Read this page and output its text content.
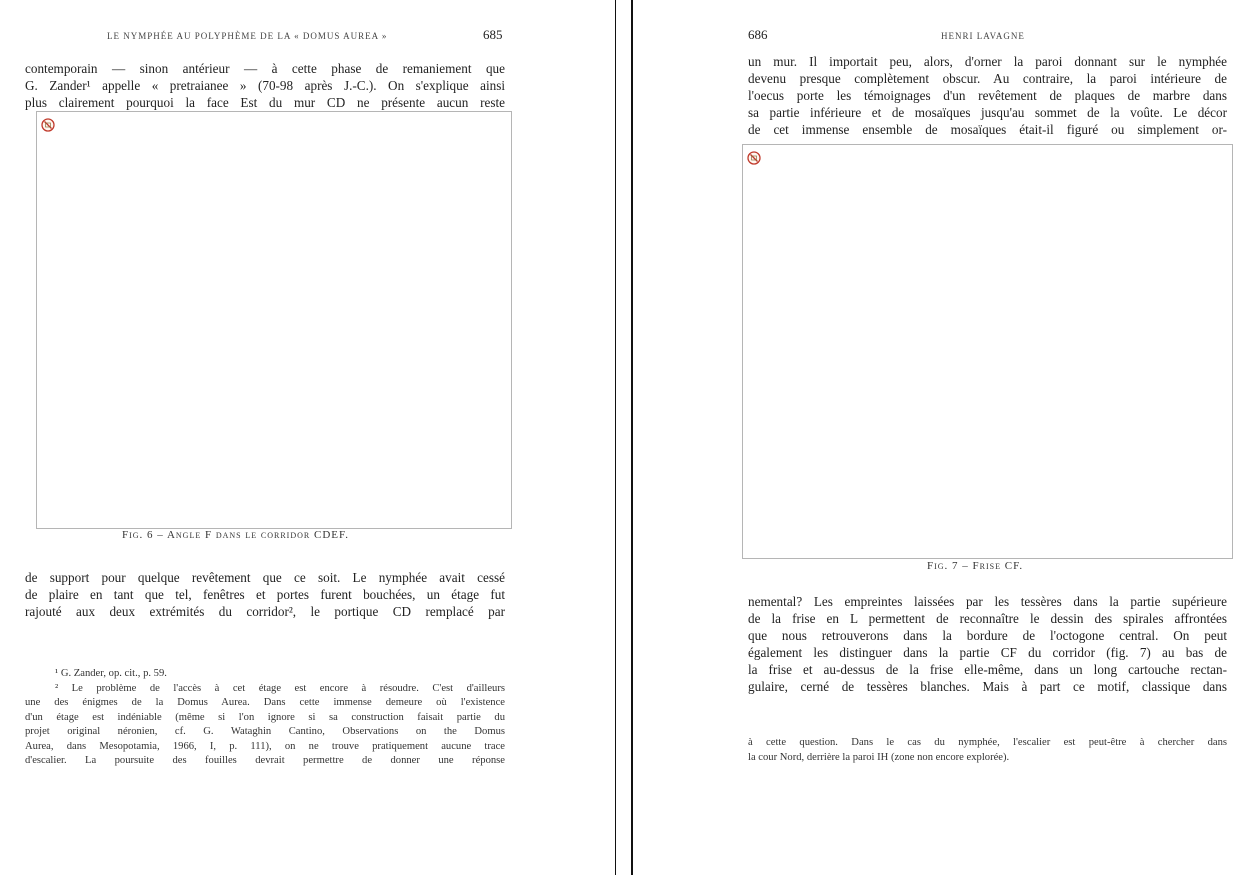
LE NYMPHÉE AU POLYPHÈME DE LA « DOMUS AUREA »	685
contemporain — sinon antérieur — à cette phase de remaniement que
G. Zander¹ appelle « pretraianee » (70-98 après J.-C.). On s'explique ainsi
plus clairement pourquoi la face Est du mur CD ne présente aucun reste
Fig. 6 – Angle F dans le corridor CDEF.
de support pour quelque revêtement que ce soit. Le nymphée avait cessé
de plaire en tant que tel, fenêtres et portes furent bouchées, un étage fut
rajouté aux deux extrémités du corridor², le portique CD remplacé par
¹ G. Zander, op. cit., p. 59.
² Le problème de l'accès à cet étage est encore à résoudre. C'est d'ailleurs
une des énigmes de la Domus Aurea. Dans cette immense demeure où l'existence
d'un étage est indéniable (même si l'on ignore si sa construction faisait partie du
projet original néronien, cf. G. Wataghin Cantino, Observations on the Domus
Aurea, dans Mesopotamia, 1966, I, p. 111), on ne trouve pratiquement aucune trace
d'escalier. La poursuite des fouilles devrait permettre de donner une réponse
686	HENRI LAVAGNE
un mur. Il importait peu, alors, d'orner la paroi donnant sur le nymphée
devenu presque complètement obscur. Au contraire, la paroi intérieure de
l'oecus porte les témoignages d'un revêtement de plaques de marbre dans
sa partie inférieure et de mosaïques jusqu'au sommet de la voûte. Le décor
de cet immense ensemble de mosaïques était-il figuré ou simplement or-
Fig. 7 – Frise CF.
nemental? Les empreintes laissées par les tessères dans la partie supérieure
de la frise en L permettent de reconnaître le dessin des spirales affrontées
que nous retrouverons dans la bordure de l'octogone central. On peut
également les distinguer dans la partie CF du corridor (fig. 7) au bas de
la frise et au-dessus de la frise elle-même, dans un long cartouche rectan-
gulaire, cerné de tessères blanches. Mais à part ce motif, classique dans
à cette question. Dans le cas du nymphée, l'escalier est peut-être à chercher dans
la cour Nord, derrière la paroi IH (zone non encore explorée).
